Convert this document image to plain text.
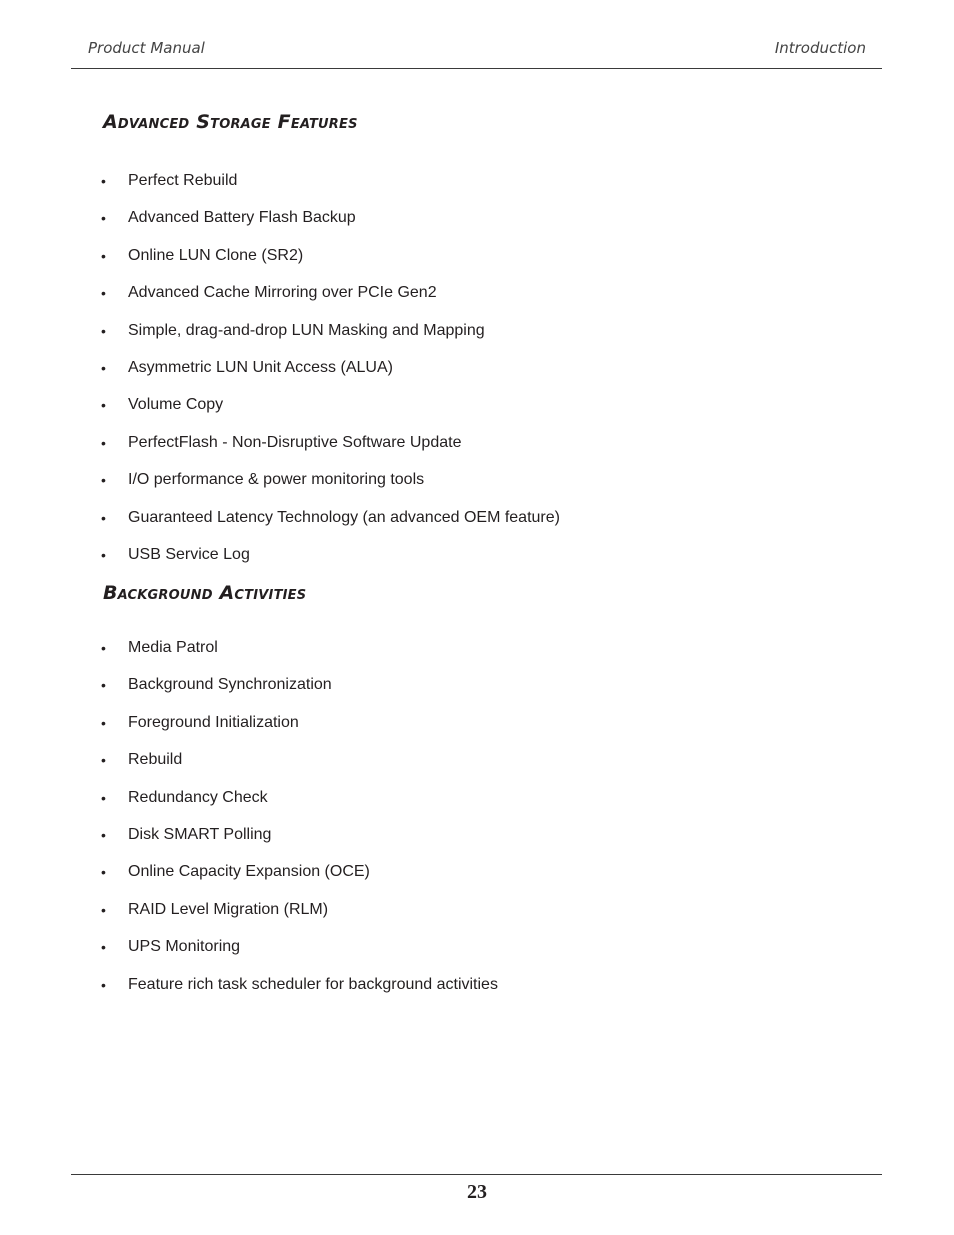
Product Manual	Introduction
Advanced Storage Features
•	Perfect Rebuild
•	Advanced Battery Flash Backup
•	Online LUN Clone (SR2)
•	Advanced Cache Mirroring over PCIe Gen2
•	Simple, drag-and-drop LUN Masking and Mapping
•	Asymmetric LUN Unit Access (ALUA)
•	Volume Copy
•	PerfectFlash - Non-Disruptive Software Update
•	I/O performance & power monitoring tools
•	Guaranteed Latency Technology (an advanced OEM feature)
•	USB Service Log
Background Activities
•	Media Patrol
•	Background Synchronization
•	Foreground Initialization
•	Rebuild
•	Redundancy Check
•	Disk SMART Polling
•	Online Capacity Expansion (OCE)
•	RAID Level Migration (RLM)
•	UPS Monitoring
•	Feature rich task scheduler for background activities
23
